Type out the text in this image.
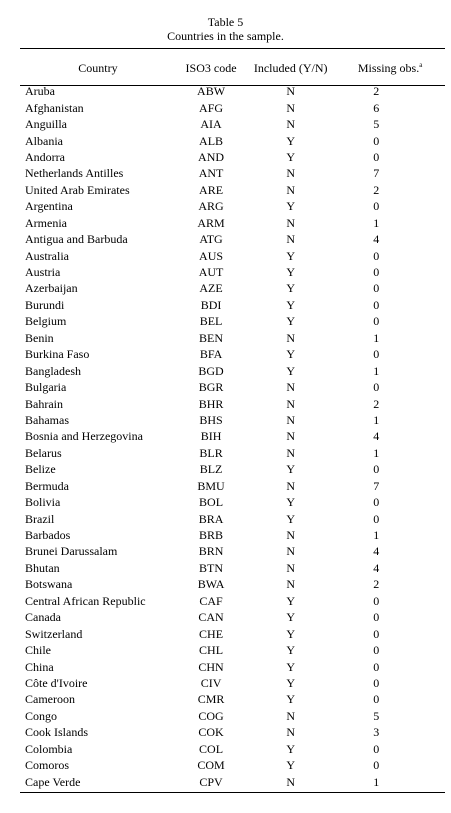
Table 5
Countries in the sample.
Country	ISO3 code	Included (Y/N)	Missing obs.$^a$
Aruba	ABW	N	2
Afghanistan	AFG	N	6
Anguilla	AIA	N	5
Albania	ALB	Y	0
Andorra	AND	Y	0
Netherlands Antilles	ANT	N	7
United Arab Emirates	ARE	N	2
Argentina	ARG	Y	0
Armenia	ARM	N	1
Antigua and Barbuda	ATG	N	4
Australia	AUS	Y	0
Austria	AUT	Y	0
Azerbaijan	AZE	Y	0
Burundi	BDI	Y	0
Belgium	BEL	Y	0
Benin	BEN	N	1
Burkina Faso	BFA	Y	0
Bangladesh	BGD	Y	1
Bulgaria	BGR	N	0
Bahrain	BHR	N	2
Bahamas	BHS	N	1
Bosnia and Herzegovina	BIH	N	4
Belarus	BLR	N	1
Belize	BLZ	Y	0
Bermuda	BMU	N	7
Bolivia	BOL	Y	0
Brazil	BRA	Y	0
Barbados	BRB	N	1
Brunei Darussalam	BRN	N	4
Bhutan	BTN	N	4
Botswana	BWA	N	2
Central African Republic	CAF	Y	0
Canada	CAN	Y	0
Switzerland	CHE	Y	0
Chile	CHL	Y	0
China	CHN	Y	0
Côte d'Ivoire	CIV	Y	0
Cameroon	CMR	Y	0
Congo	COG	N	5
Cook Islands	COK	N	3
Colombia	COL	Y	0
Comoros	COM	Y	0
Cape Verde	CPV	N	1
